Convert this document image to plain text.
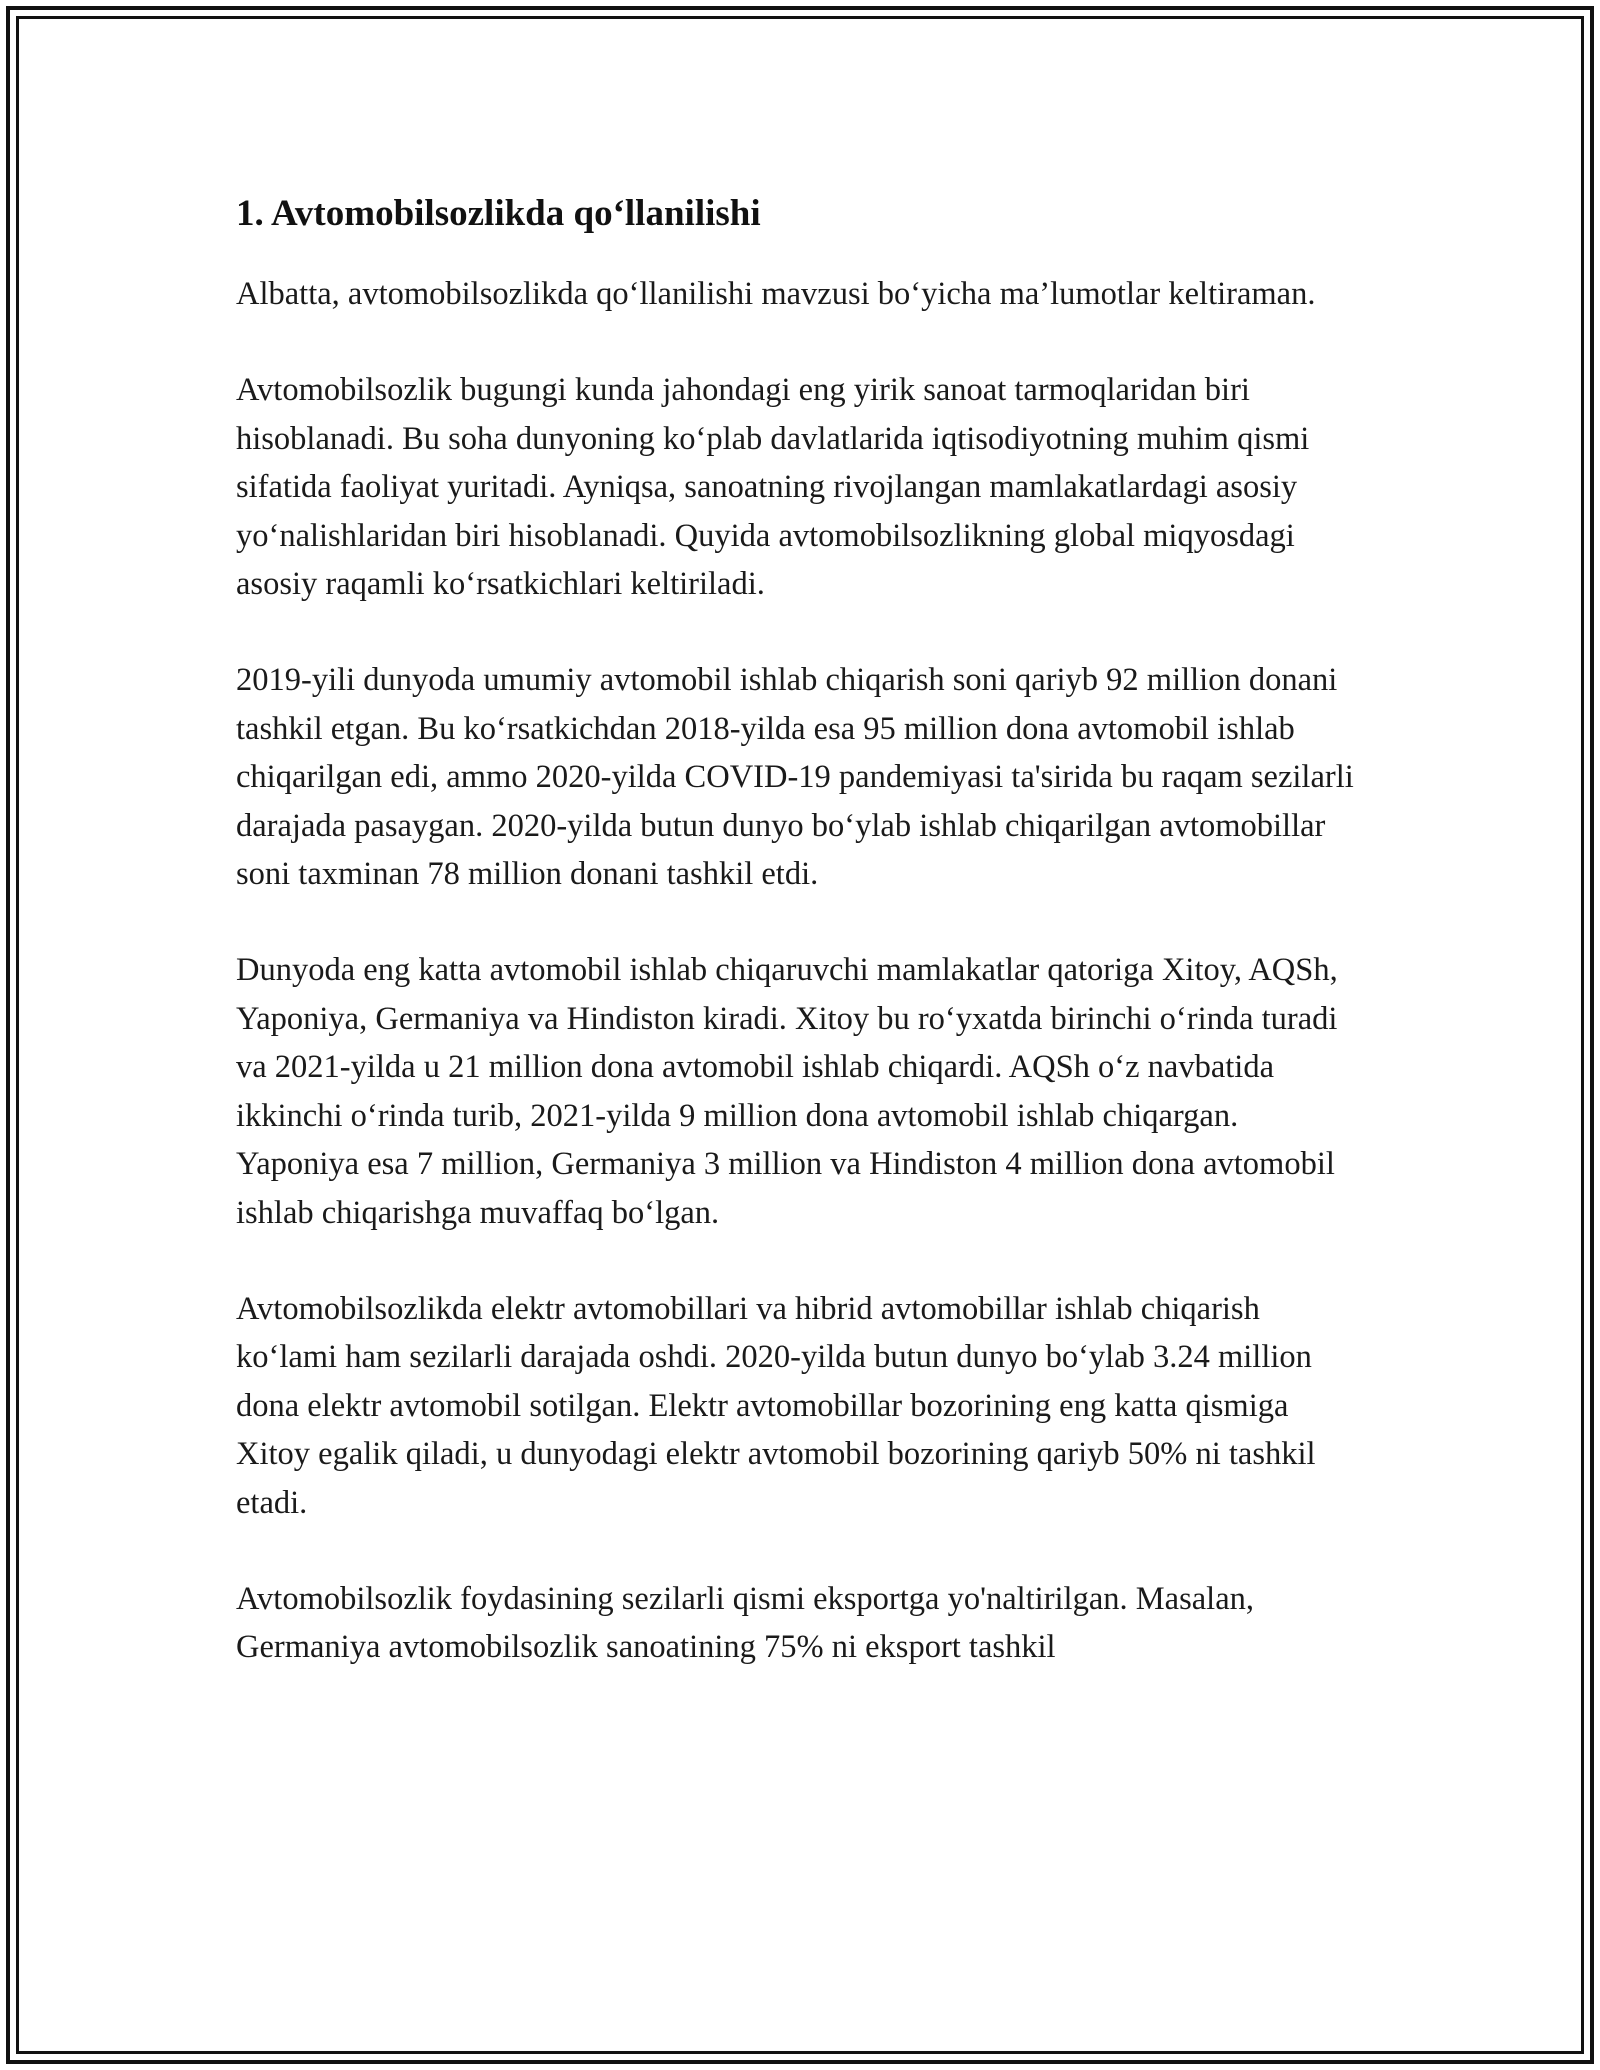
1. Avtomobilsozlikda qo‘llanilishi

Albatta, avtomobilsozlikda qo‘llanilishi mavzusi bo‘yicha ma’lumotlar keltiraman.

Avtomobilsozlik bugungi kunda jahondagi eng yirik sanoat tarmoqlaridan biri hisoblanadi. Bu soha dunyoning ko‘plab davlatlarida iqtisodiyotning muhim qismi sifatida faoliyat yuritadi. Ayniqsa, sanoatning rivojlangan mamlakatlardagi asosiy yo‘nalishlaridan biri hisoblanadi. Quyida avtomobilsozlikning global miqyosdagi asosiy raqamli ko‘rsatkichlari keltiriladi.

2019-yili dunyoda umumiy avtomobil ishlab chiqarish soni qariyb 92 million donani tashkil etgan. Bu ko‘rsatkichdan 2018-yilda esa 95 million dona avtomobil ishlab chiqarilgan edi, ammo 2020-yilda COVID-19 pandemiyasi ta'sirida bu raqam sezilarli darajada pasaygan. 2020-yilda butun dunyo bo‘ylab ishlab chiqarilgan avtomobillar soni taxminan 78 million donani tashkil etdi.

Dunyoda eng katta avtomobil ishlab chiqaruvchi mamlakatlar qatoriga Xitoy, AQSh, Yaponiya, Germaniya va Hindiston kiradi. Xitoy bu ro‘yxatda birinchi o‘rinda turadi va 2021-yilda u 21 million dona avtomobil ishlab chiqardi. AQSh o‘z navbatida ikkinchi o‘rinda turib, 2021-yilda 9 million dona avtomobil ishlab chiqargan. Yaponiya esa 7 million, Germaniya 3 million va Hindiston 4 million dona avtomobil ishlab chiqarishga muvaffaq bo‘lgan.

Avtomobilsozlikda elektr avtomobillari va hibrid avtomobillar ishlab chiqarish ko‘lami ham sezilarli darajada oshdi. 2020-yilda butun dunyo bo‘ylab 3.24 million dona elektr avtomobil sotilgan. Elektr avtomobillar bozorining eng katta qismiga Xitoy egalik qiladi, u dunyodagi elektr avtomobil bozorining qariyb 50% ni tashkil etadi.

Avtomobilsozlik foydasining sezilarli qismi eksportga yo'naltirilgan. Masalan, Germaniya avtomobilsozlik sanoatining 75% ni eksport tashkil
